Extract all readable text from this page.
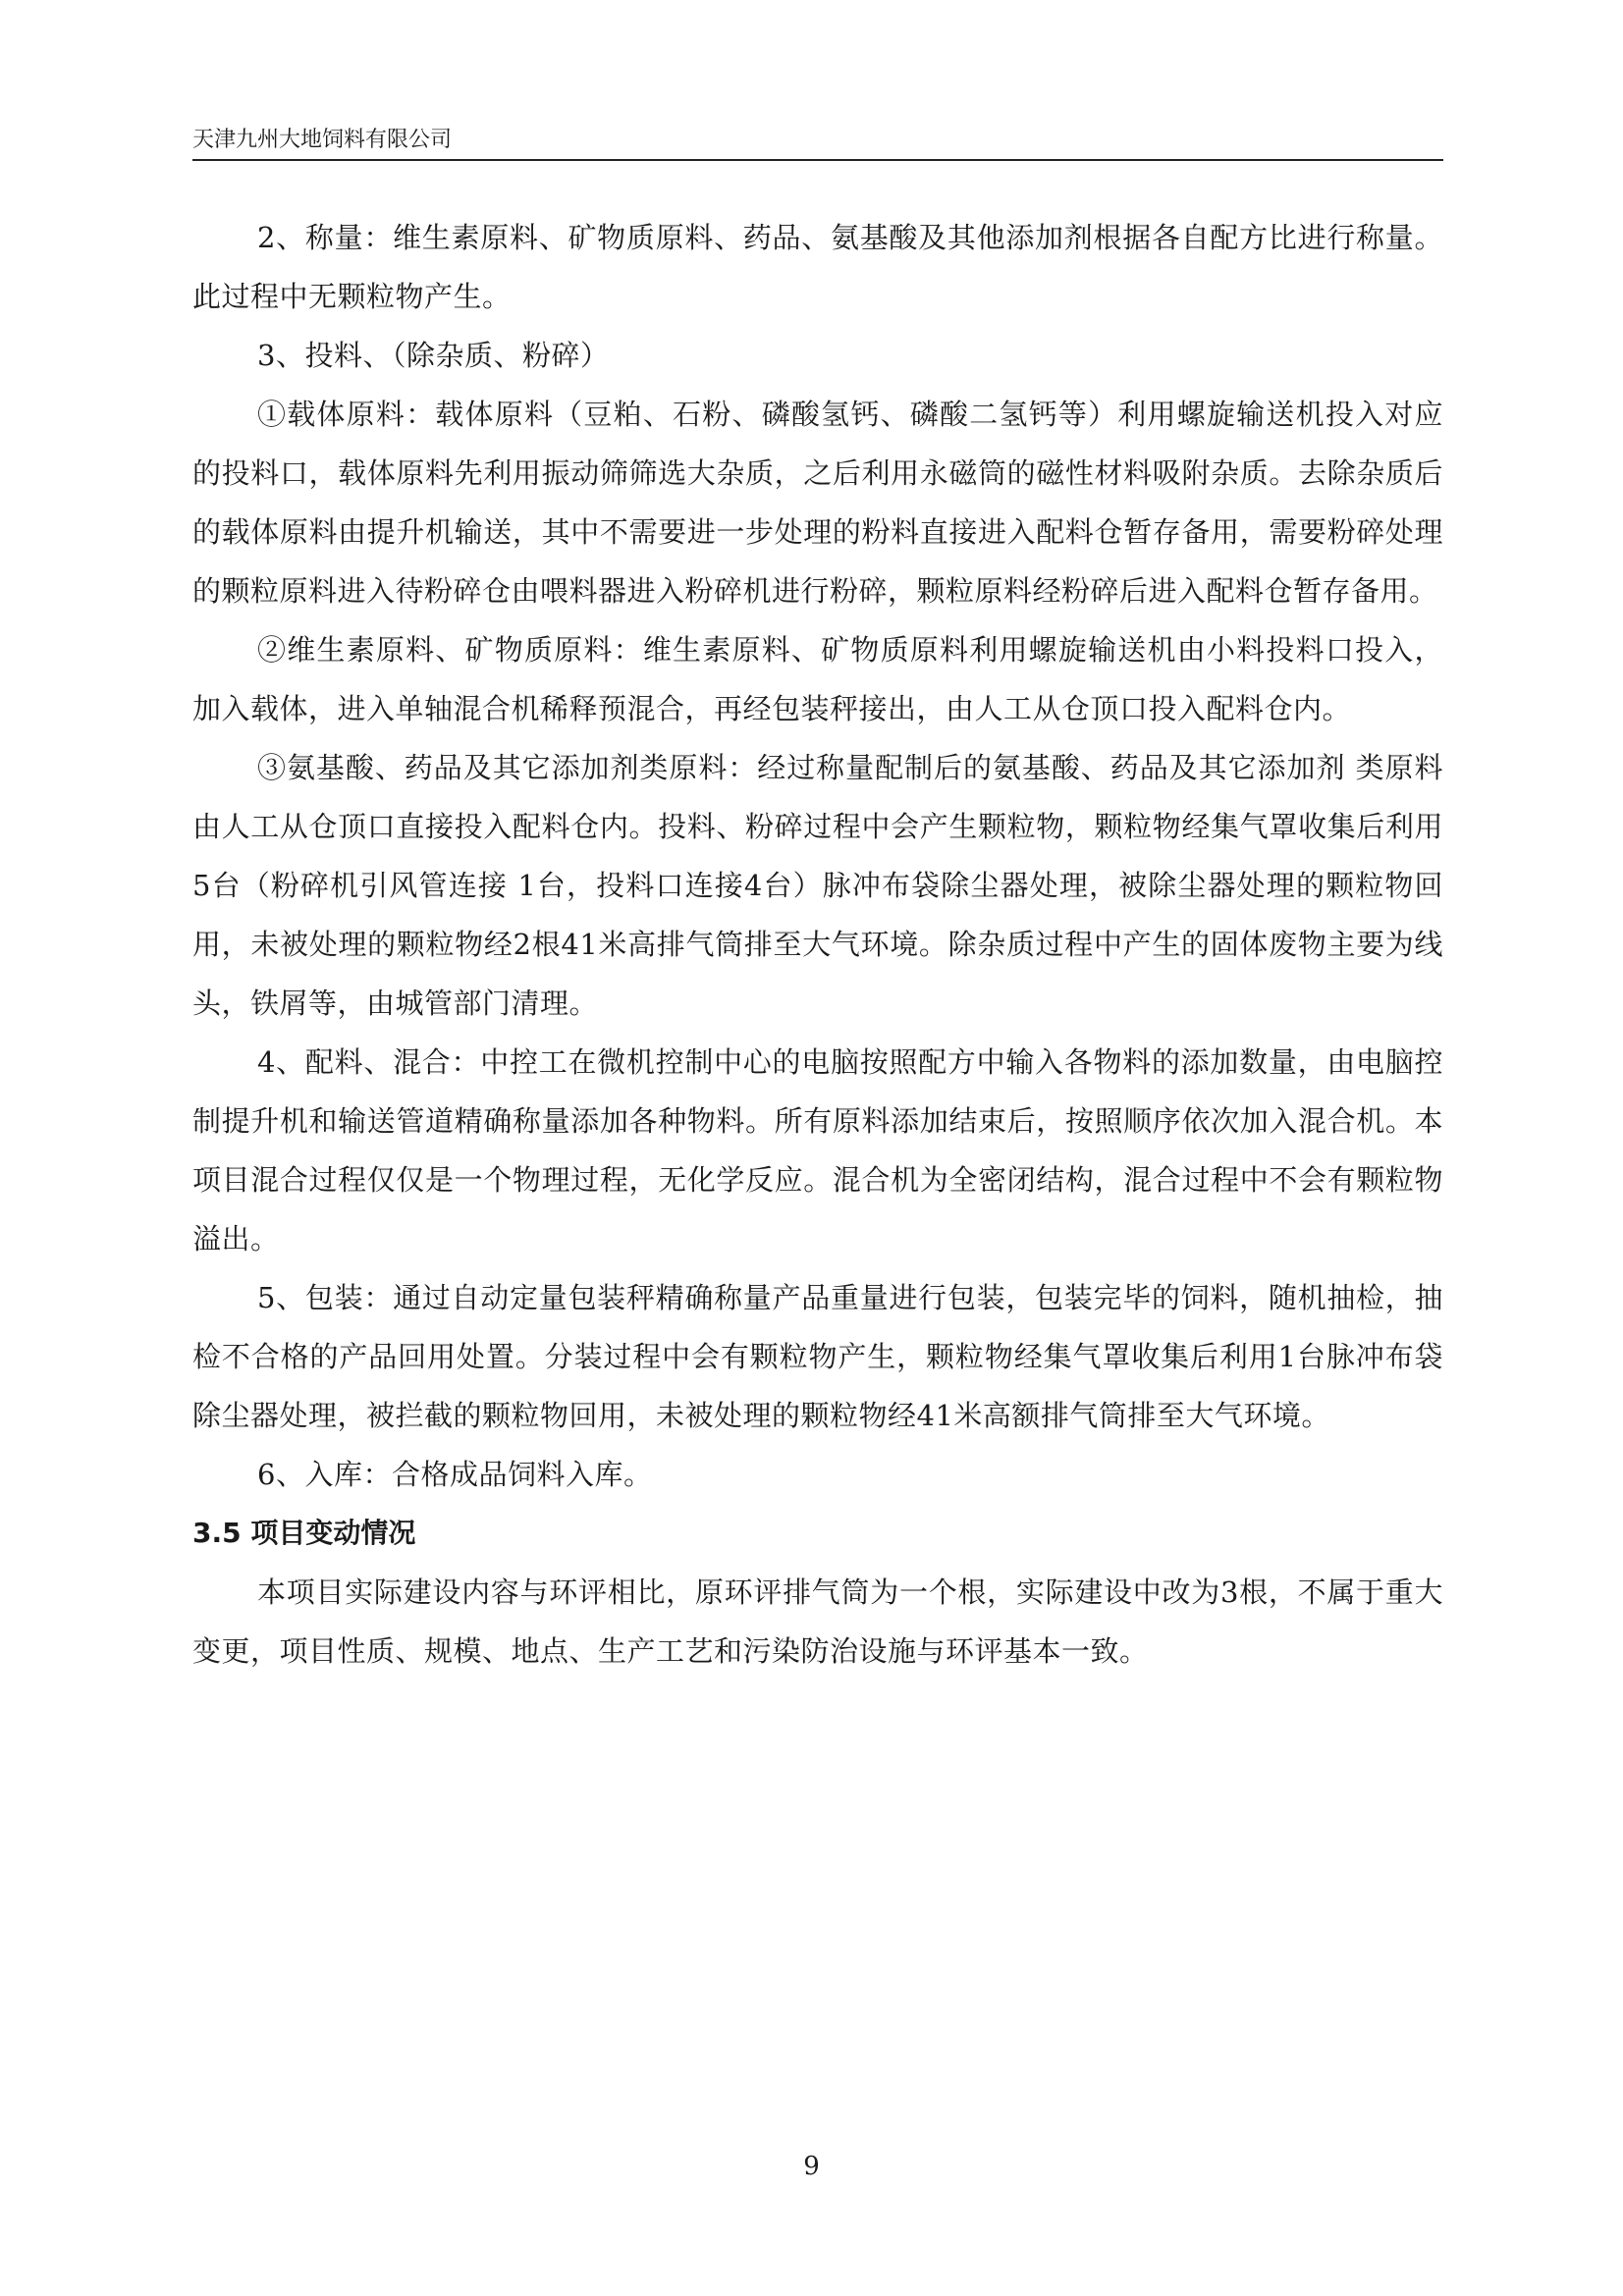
天津九州大地饲料有限公司

2、称量：维生素原料、矿物质原料、药品、氨基酸及其他添加剂根据各自配方比进行称量。此过程中无颗粒物产生。

3、投料、（除杂质、粉碎）

①载体原料：载体原料（豆粕、石粉、磷酸氢钙、磷酸二氢钙等）利用螺旋输送机投入对应的投料口，载体原料先利用振动筛筛选大杂质，之后利用永磁筒的磁性材料吸附杂质。去除杂质后的载体原料由提升机输送，其中不需要进一步处理的粉料直接进入配料仓暂存备用，需要粉碎处理的颗粒原料进入待粉碎仓由喂料器进入粉碎机进行粉碎，颗粒原料经粉碎后进入配料仓暂存备用。

②维生素原料、矿物质原料：维生素原料、矿物质原料利用螺旋输送机由小料投料口投入，加入载体，进入单轴混合机稀释预混合，再经包装秤接出，由人工从仓顶口投入配料仓内。

③氨基酸、药品及其它添加剂类原料：经过称量配制后的氨基酸、药品及其它添加剂 类原料由人工从仓顶口直接投入配料仓内。投料、粉碎过程中会产生颗粒物，颗粒物经集气罩收集后利用5台（粉碎机引风管连接 1台，投料口连接4台）脉冲布袋除尘器处理，被除尘器处理的颗粒物回用，未被处理的颗粒物经2根41米高排气筒排至大气环境。除杂质过程中产生的固体废物主要为线头，铁屑等，由城管部门清理。

4、配料、混合：中控工在微机控制中心的电脑按照配方中输入各物料的添加数量，由电脑控制提升机和输送管道精确称量添加各种物料。所有原料添加结束后，按照顺序依次加入混合机。本项目混合过程仅仅是一个物理过程，无化学反应。混合机为全密闭结构，混合过程中不会有颗粒物溢出。

5、包装：通过自动定量包装秤精确称量产品重量进行包装，包装完毕的饲料，随机抽检，抽检不合格的产品回用处置。分装过程中会有颗粒物产生，颗粒物经集气罩收集后利用1台脉冲布袋除尘器处理，被拦截的颗粒物回用，未被处理的颗粒物经41米高额排气筒排至大气环境。

6、入库：合格成品饲料入库。

3.5 项目变动情况

本项目实际建设内容与环评相比，原环评排气筒为一个根，实际建设中改为3根，不属于重大变更，项目性质、规模、地点、生产工艺和污染防治设施与环评基本一致。

9
